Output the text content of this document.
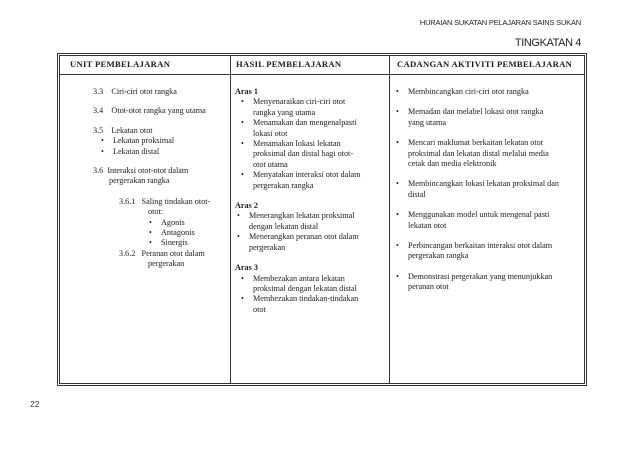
HURAIAN SUKATAN PELAJARAN SAINS SUKAN
TINGKATAN 4
UNIT PEMBELAJARAN	HASIL PEMBELAJARAN	CADANGAN AKTIVITI PEMBELAJARAN
3.3 Ciri-ciri otot rangka
3.4 Otot-otot rangka yang utama
3.5 Lekatan otot
• Lekatan proksimal
• Lekatan distal
3.6 Interaksi otot-otot dalam
pergerakan rangka
3.6.1 Saling tindakan otot-
otot:
• Agonis
• Antagonis
• Sinergis
3.6.2 Peranan otot dalam
pergerakan
Aras 1
• Menyenaraikan ciri-ciri otot
rangka yang utama
• Menamakan dan mengenalpasti
lokasi otot
• Menamakan lokasi lekatan
proksimal dan distal bagi otot-
otot utama
• Menyatakan interaksi otot dalam
pergerakan rangka
Aras 2
• Menerangkan lekatan proksimal
dengan lekatan distal
• Menerangkan peranan otot dalam
pergerakan
Aras 3
• Membezakan antara lekatan
proksimal dengan lekatan distal
• Membezakan tindakan-tindakan
otot
• Membincangkan ciri-ciri otot rangka
• Memadan dan melabel lokasi otot rangka
yang utama
• Mencari maklumat berkaitan lekatan otot
proksimal dan lekatan distal melalui media
cetak dan media elektronik
• Membincangkan lokasi lekatan proksimal dan
distal
• Menggunakan model untuk mengenal pasti
lekatan otot
• Perbincangan berkaitan interaksi otot dalam
pergerakan rangka
• Demonstrasi pergerakan yang menunjukkan
peranan otot
22
